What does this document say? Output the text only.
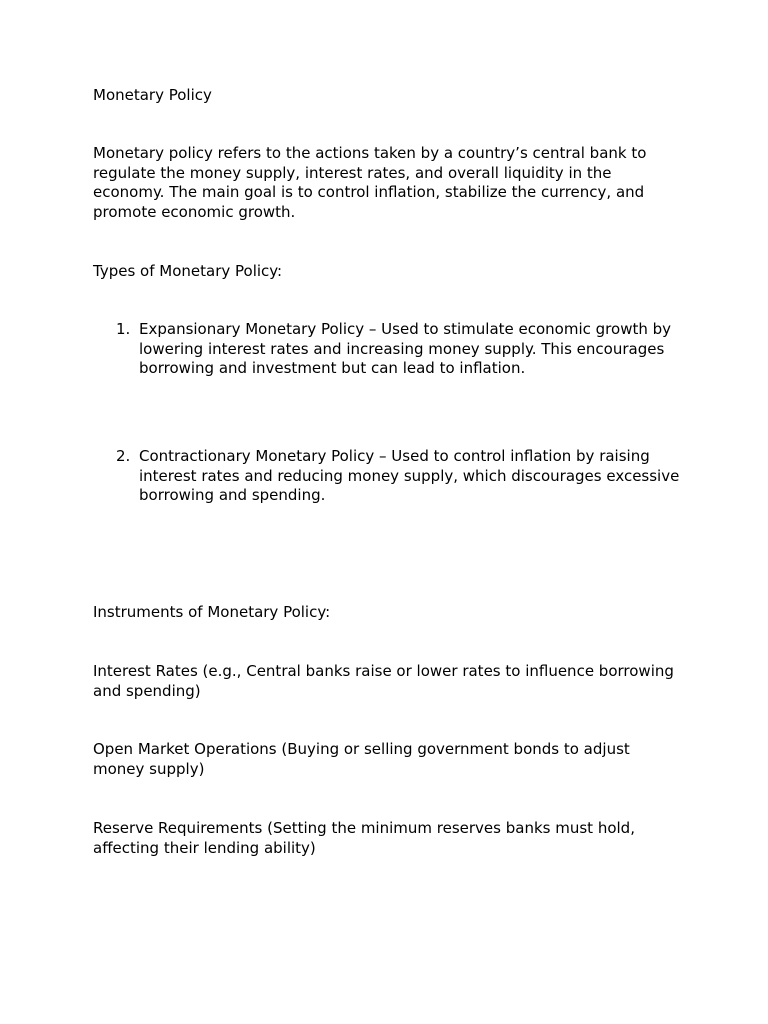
Monetary Policy

Monetary policy refers to the actions taken by a country’s central bank to regulate the money supply, interest rates, and overall liquidity in the economy. The main goal is to control inflation, stabilize the currency, and promote economic growth.

Types of Monetary Policy:

1. Expansionary Monetary Policy – Used to stimulate economic growth by lowering interest rates and increasing money supply. This encourages borrowing and investment but can lead to inflation.
2. Contractionary Monetary Policy – Used to control inflation by raising interest rates and reducing money supply, which discourages excessive borrowing and spending.

Instruments of Monetary Policy:

Interest Rates (e.g., Central banks raise or lower rates to influence borrowing and spending)

Open Market Operations (Buying or selling government bonds to adjust money supply)

Reserve Requirements (Setting the minimum reserves banks must hold, affecting their lending ability)
